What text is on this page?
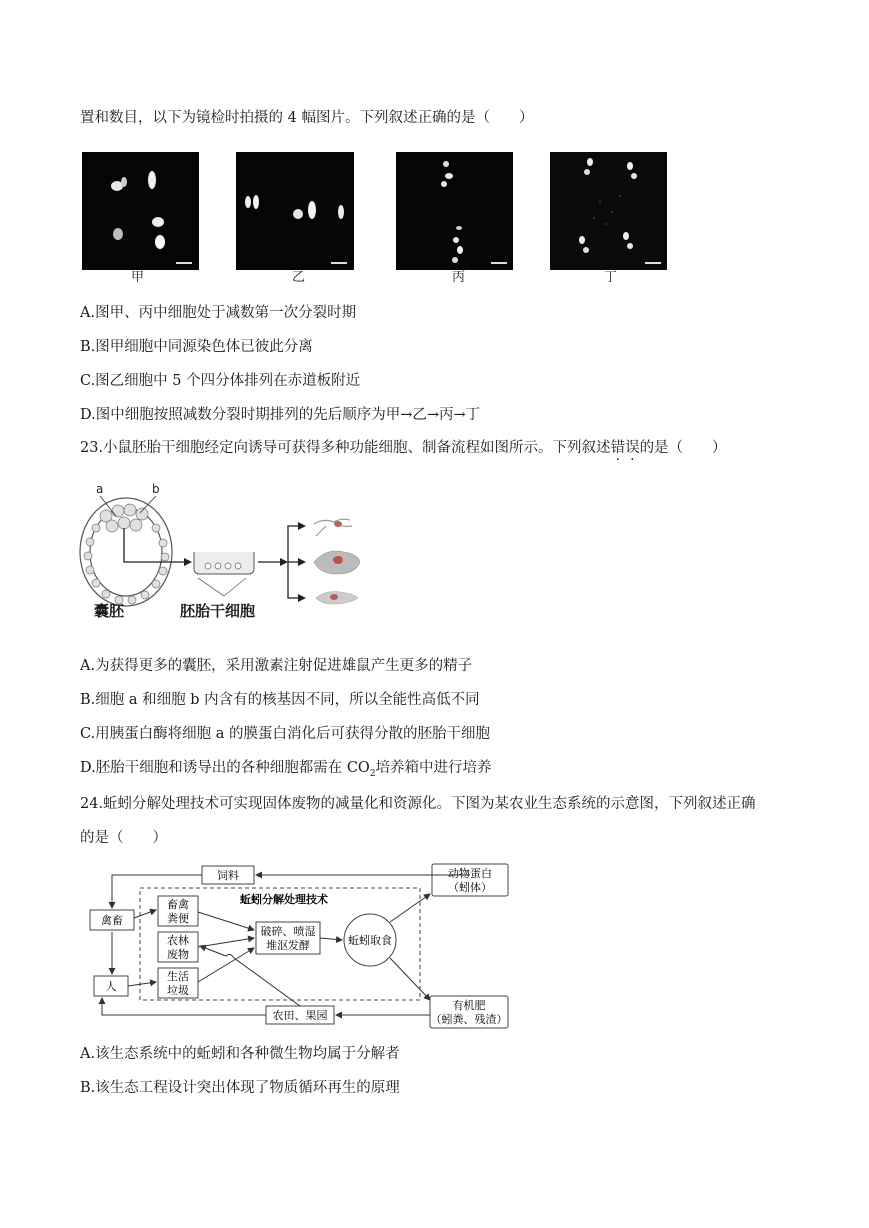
置和数目，以下为镜检时拍摄的 4 幅图片。下列叙述正确的是（　　）
甲	乙	丙	丁
A.图甲、丙中细胞处于减数第一次分裂时期
B.图甲细胞中同源染色体已彼此分离
C.图乙细胞中 5 个四分体排列在赤道板附近
D.图中细胞按照减数分裂时期排列的先后顺序为甲→乙→丙→丁
23.小鼠胚胎干细胞经定向诱导可获得多种功能细胞、制备流程如图所示。下列叙述错误的是（　　）
a	b
囊胚	胚胎干细胞
A.为获得更多的囊胚，采用激素注射促进雄鼠产生更多的精子
B.细胞 a 和细胞 b 内含有的核基因不同，所以全能性高低不同
C.用胰蛋白酶将细胞 a 的膜蛋白消化后可获得分散的胚胎干细胞
D.胚胎干细胞和诱导出的各种细胞都需在 $CO_2$培养箱中进行培养
24.蚯蚓分解处理技术可实现固体废物的减量化和资源化。下图为某农业生态系统的示意图，下列叙述正确
的是（　　）
饲料	动物蛋白
（蚓体）
禽畜
畜禽
粪便
蚯蚓分解处理技术
农林
废物
破碎、喷湿
堆沤发酵	蚯蚓取食
生活
垃圾
人
农田、果园
有机肥
（蚓粪、残渣）
A.该生态系统中的蚯蚓和各种微生物均属于分解者
B.该生态工程设计突出体现了物质循环再生的原理
